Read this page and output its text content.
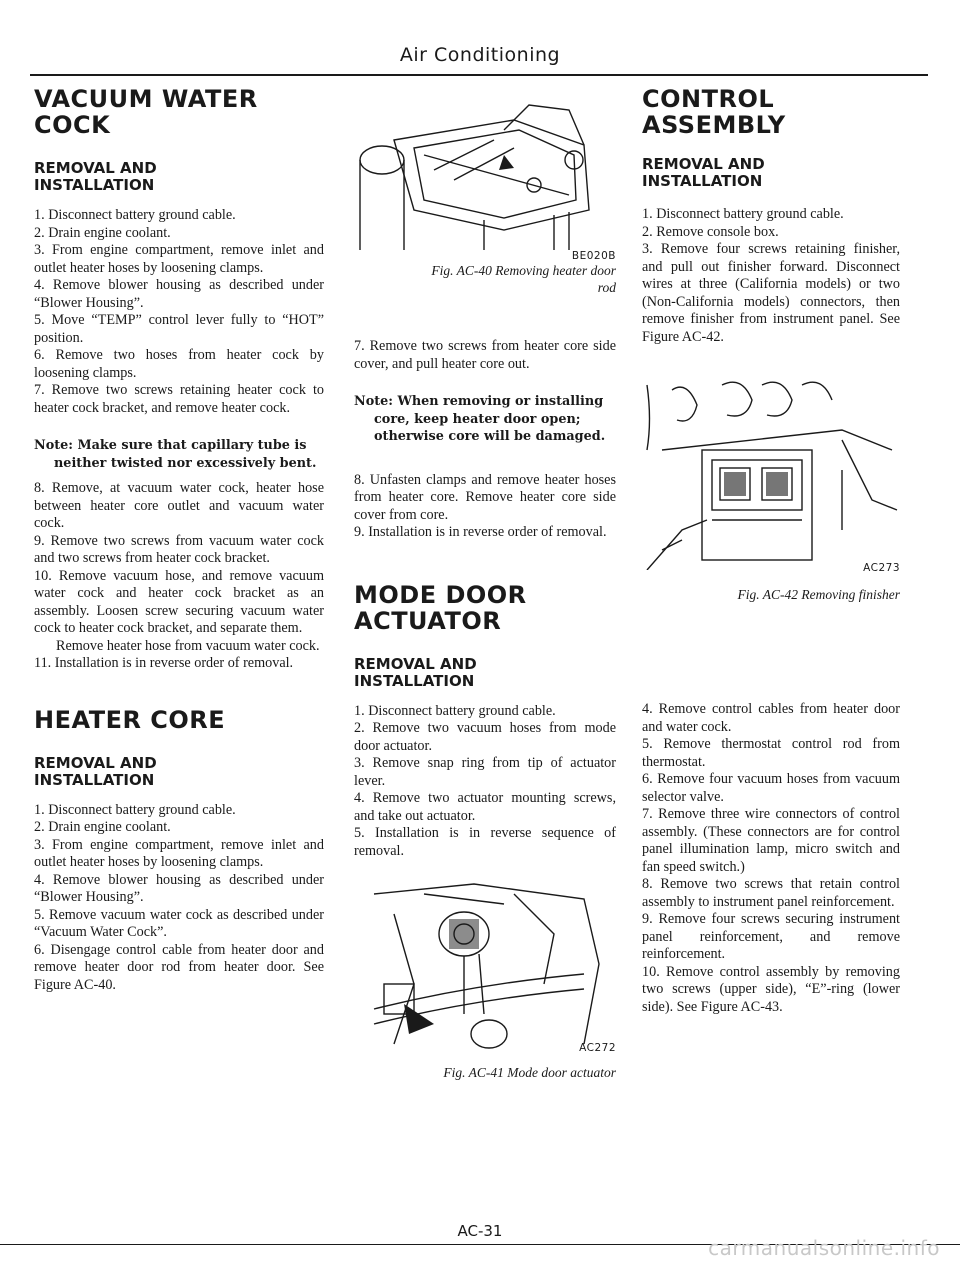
Air Conditioning
VACUUM WATER
COCK
REMOVAL AND
INSTALLATION

1. Disconnect battery ground cable.

2. Drain engine coolant.

3. From engine compartment, remove inlet and outlet heater hoses by loosening clamps.

4. Remove blower housing as described under “Blower Housing”.

5. Move “TEMP” control lever fully to “HOT” position.

6. Remove two hoses from heater cock by loosening clamps.

7. Remove two screws retaining heater cock to heater cock bracket, and remove heater cock.

Note: Make sure that capillary tube is neither twisted nor excessively bent.

8. Remove, at vacuum water cock, heater hose between heater core outlet and vacuum water cock.

9. Remove two screws from vacuum water cock and two screws from heater cock bracket.

10. Remove vacuum hose, and remove vacuum water cock and heater cock bracket as an assembly. Loosen screw securing vacuum water cock to heater cock bracket, and separate them.

Remove heater hose from vacuum water cock.

11. Installation is in reverse order of removal.

HEATER CORE
REMOVAL AND
INSTALLATION

1. Disconnect battery ground cable.

2. Drain engine coolant.

3. From engine compartment, remove inlet and outlet heater hoses by loosening clamps.

4. Remove blower housing as described under “Blower Housing”.

5. Remove vacuum water cock as described under “Vacuum Water Cock”.

6. Disengage control cable from heater door and remove heater door rod from heater door. See Figure AC-40.

BE020B
Fig. AC-40 Removing heater door
rod

7. Remove two screws from heater core side cover, and pull heater core out.

Note: When removing or installing core, keep heater door open; otherwise core will be damaged.

8. Unfasten clamps and remove heater hoses from heater core. Remove heater core side cover from core.

9. Installation is in reverse order of removal.

MODE DOOR
ACTUATOR
REMOVAL AND
INSTALLATION

1. Disconnect battery ground cable.

2. Remove two vacuum hoses from mode door actuator.

3. Remove snap ring from tip of actuator lever.

4. Remove two actuator mounting screws, and take out actuator.

5. Installation is in reverse sequence of removal.

AC272
Fig. AC-41 Mode door actuator
CONTROL ASSEMBLY
REMOVAL AND
INSTALLATION

1. Disconnect battery ground cable.

2. Remove console box.

3. Remove four screws retaining finisher, and pull out finisher forward. Disconnect wires at three (California models) or two (Non-California models) connectors, then remove finisher from instrument panel. See Figure AC-42.

AC273
Fig. AC-42 Removing finisher

4. Remove control cables from heater door and water cock.

5. Remove thermostat control rod from thermostat.

6. Remove four vacuum hoses from vacuum selector valve.

7. Remove three wire connectors of control assembly. (These connectors are for control panel illumination lamp, micro switch and fan speed switch.)

8. Remove two screws that retain control assembly to instrument panel reinforcement.

9. Remove four screws securing instrument panel reinforcement, and remove reinforcement.

10. Remove control assembly by removing two screws (upper side), “E”-ring (lower side). See Figure AC-43.

AC-31
carmanualsonline.info
